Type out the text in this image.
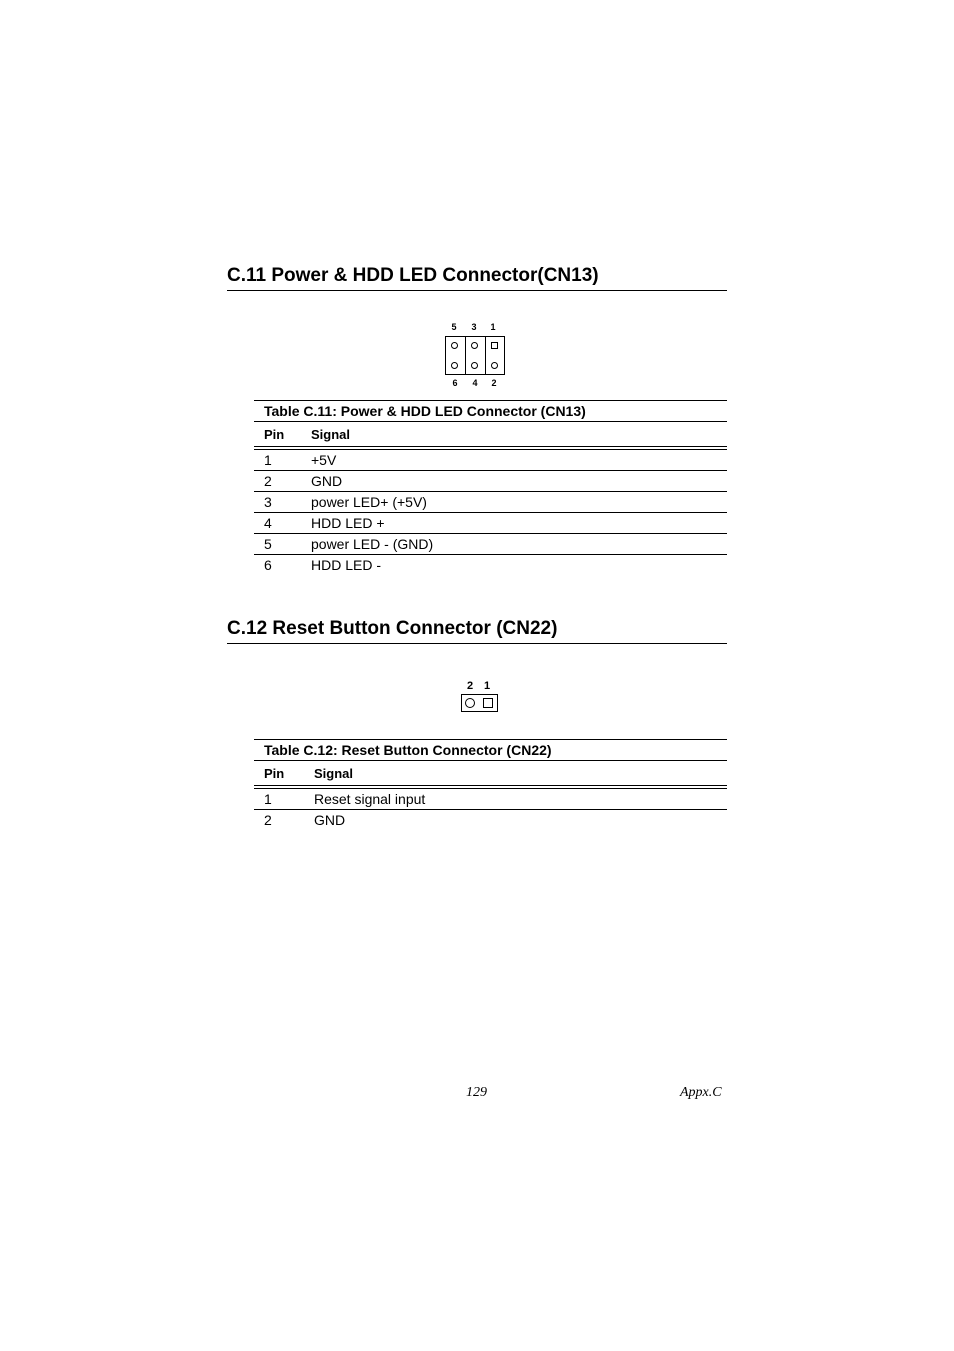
C.11 Power & HDD LED Connector(CN13)
5 3 1
6 4 2
Table C.11: Power & HDD LED Connector (CN13)
Pin	Signal
1	+5V
2	GND
3	power LED+ (+5V)
4	HDD LED +
5	power LED - (GND)
6	HDD LED -
C.12 Reset Button Connector (CN22)
2 1
Table C.12: Reset Button Connector (CN22)
Pin	Signal
1	Reset signal input
2	GND
129	Appx.C
